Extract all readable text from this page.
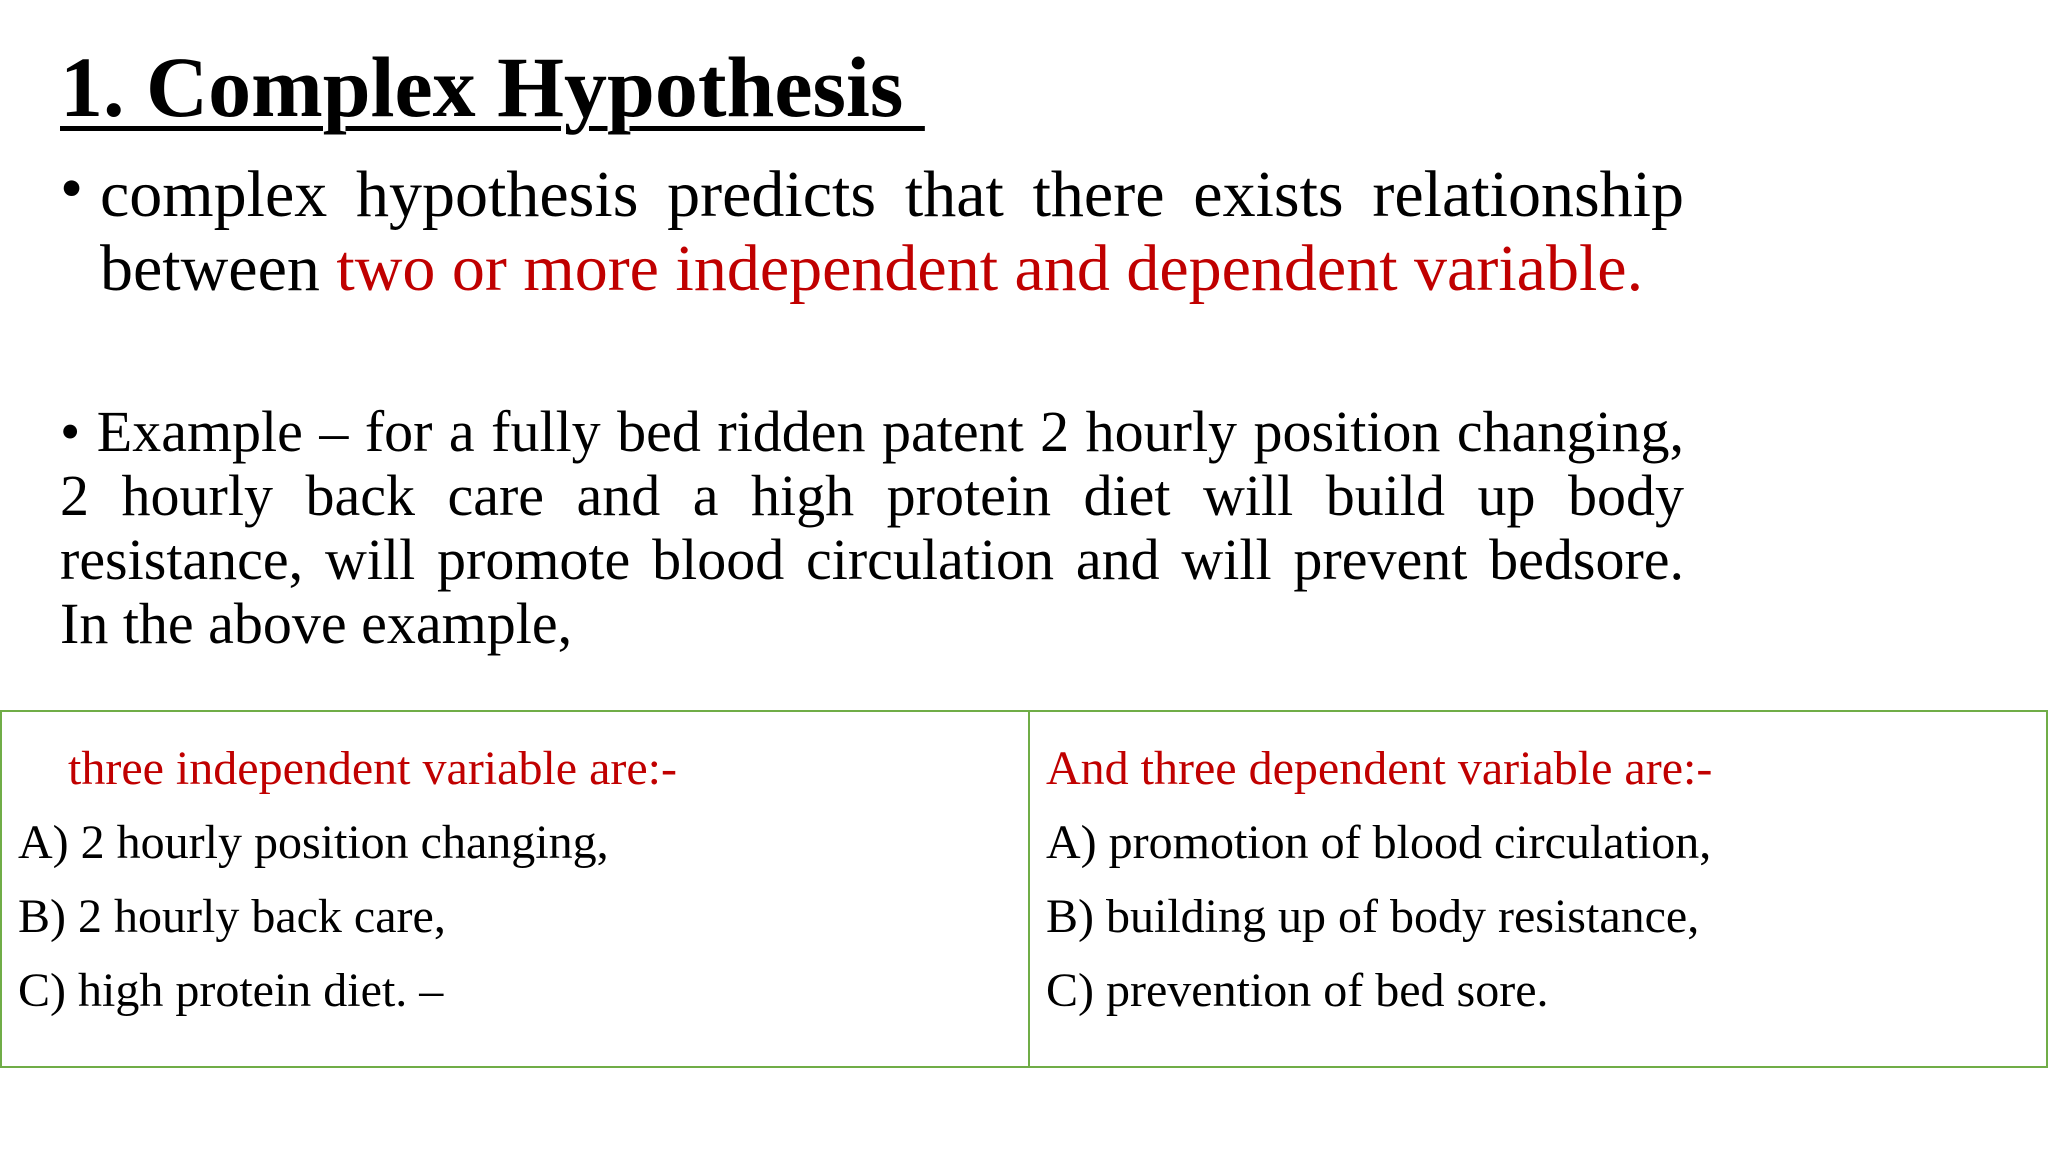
1. Complex Hypothesis
• complex hypothesis predicts that there exists relationship between two or more independent and dependent variable.
• Example – for a fully bed ridden patent 2 hourly position changing, 2 hourly back care and a high protein diet will build up body resistance, will promote blood circulation and will prevent bedsore. In the above example,
three independent variable are:-
A) 2 hourly position changing,
B) 2 hourly back care,
C) high protein diet. –
And three dependent variable are:-
A) promotion of blood circulation,
B) building up of body resistance,
C) prevention of bed sore.
